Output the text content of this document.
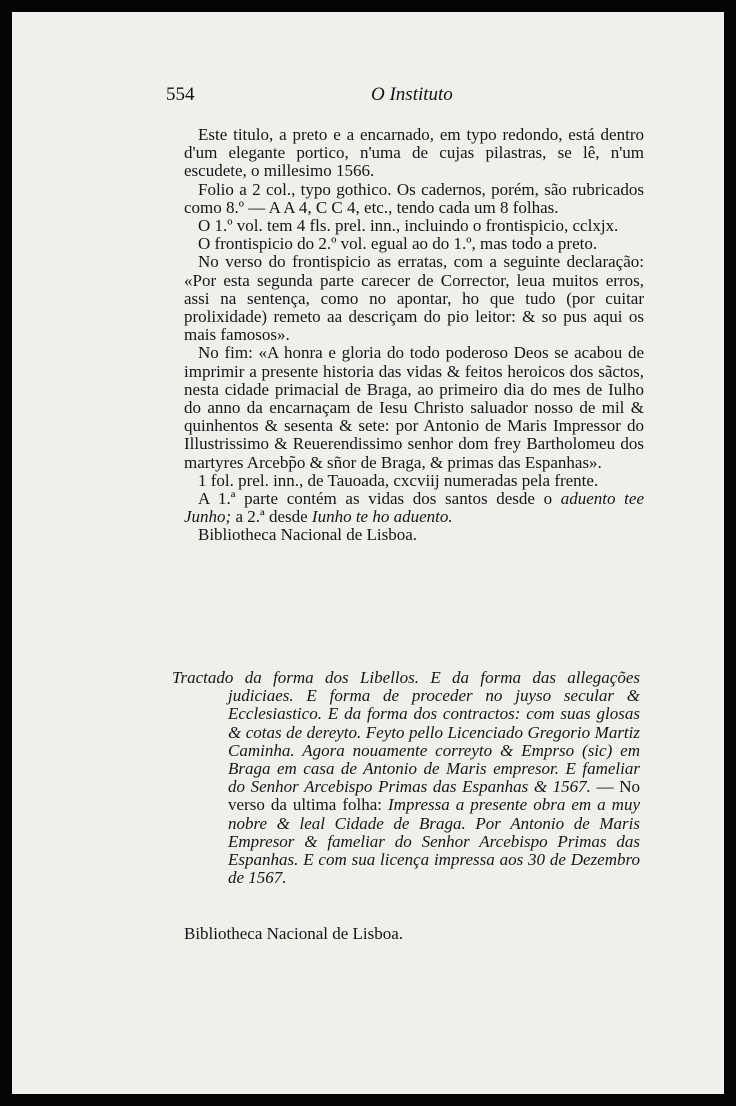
554	O Instituto

Este titulo, a preto e a encarnado, em typo redondo, está dentro d'um elegante portico, n'uma de cujas pilastras, se lê, n'um escudete, o millesimo 1566.

Folio a 2 col., typo gothico. Os cadernos, porém, são rubricados como 8.º — A A 4, C C 4, etc., tendo cada um 8 folhas.

O 1.º vol. tem 4 fls. prel. inn., incluindo o frontispicio, cclxjx.

O frontispicio do 2.º vol. egual ao do 1.º, mas todo a preto.

No verso do frontispicio as erratas, com a seguinte declaração: «Por esta segunda parte carecer de Corrector, leua muitos erros, assi na sentença, como no apontar, ho que tudo (por cuitar prolixidade) remeto aa descriçam do pio leitor: & so pus aqui os mais famosos».

No fim: «A honra e gloria do todo poderoso Deos se acabou de imprimir a presente historia das vidas & feitos heroicos dos sãctos, nesta cidade primacial de Braga, ao primeiro dia do mes de Iulho do anno da encarnaçam de Iesu Christo saluador nosso de mil & quinhentos & sesenta & sete: por Antonio de Maris Impressor do Illustrissimo & Reuerendissimo senhor dom frey Bartholomeu dos martyres Arcebp̃o & sñor de Braga, & primas das Espanhas».

1 fol. prel. inn., de Tauoada, cxcviij numeradas pela frente.

A 1.ª parte contém as vidas dos santos desde o aduento tee Junho; a 2.ª desde Iunho te ho aduento.

Bibliotheca Nacional de Lisboa.

Tractado da forma dos Libellos. E da forma das allegações judiciaes. E forma de proceder no juyso secular & Ecclesiastico. E da forma dos contractos: com suas glosas & cotas de dereyto. Feyto pello Licenciado Gregorio Martiz Caminha. Agora nouamente correyto & Emprso (sic) em Braga em casa de Antonio de Maris empresor. E fameliar do Senhor Arcebispo Primas das Espanhas & 1567. — No verso da ultima folha: Impressa a presente obra em a muy nobre & leal Cidade de Braga. Por Antonio de Maris Empresor & fameliar do Senhor Arcebispo Primas das Espanhas. E com sua licença impressa aos 30 de Dezembro de 1567.

Bibliotheca Nacional de Lisboa.
